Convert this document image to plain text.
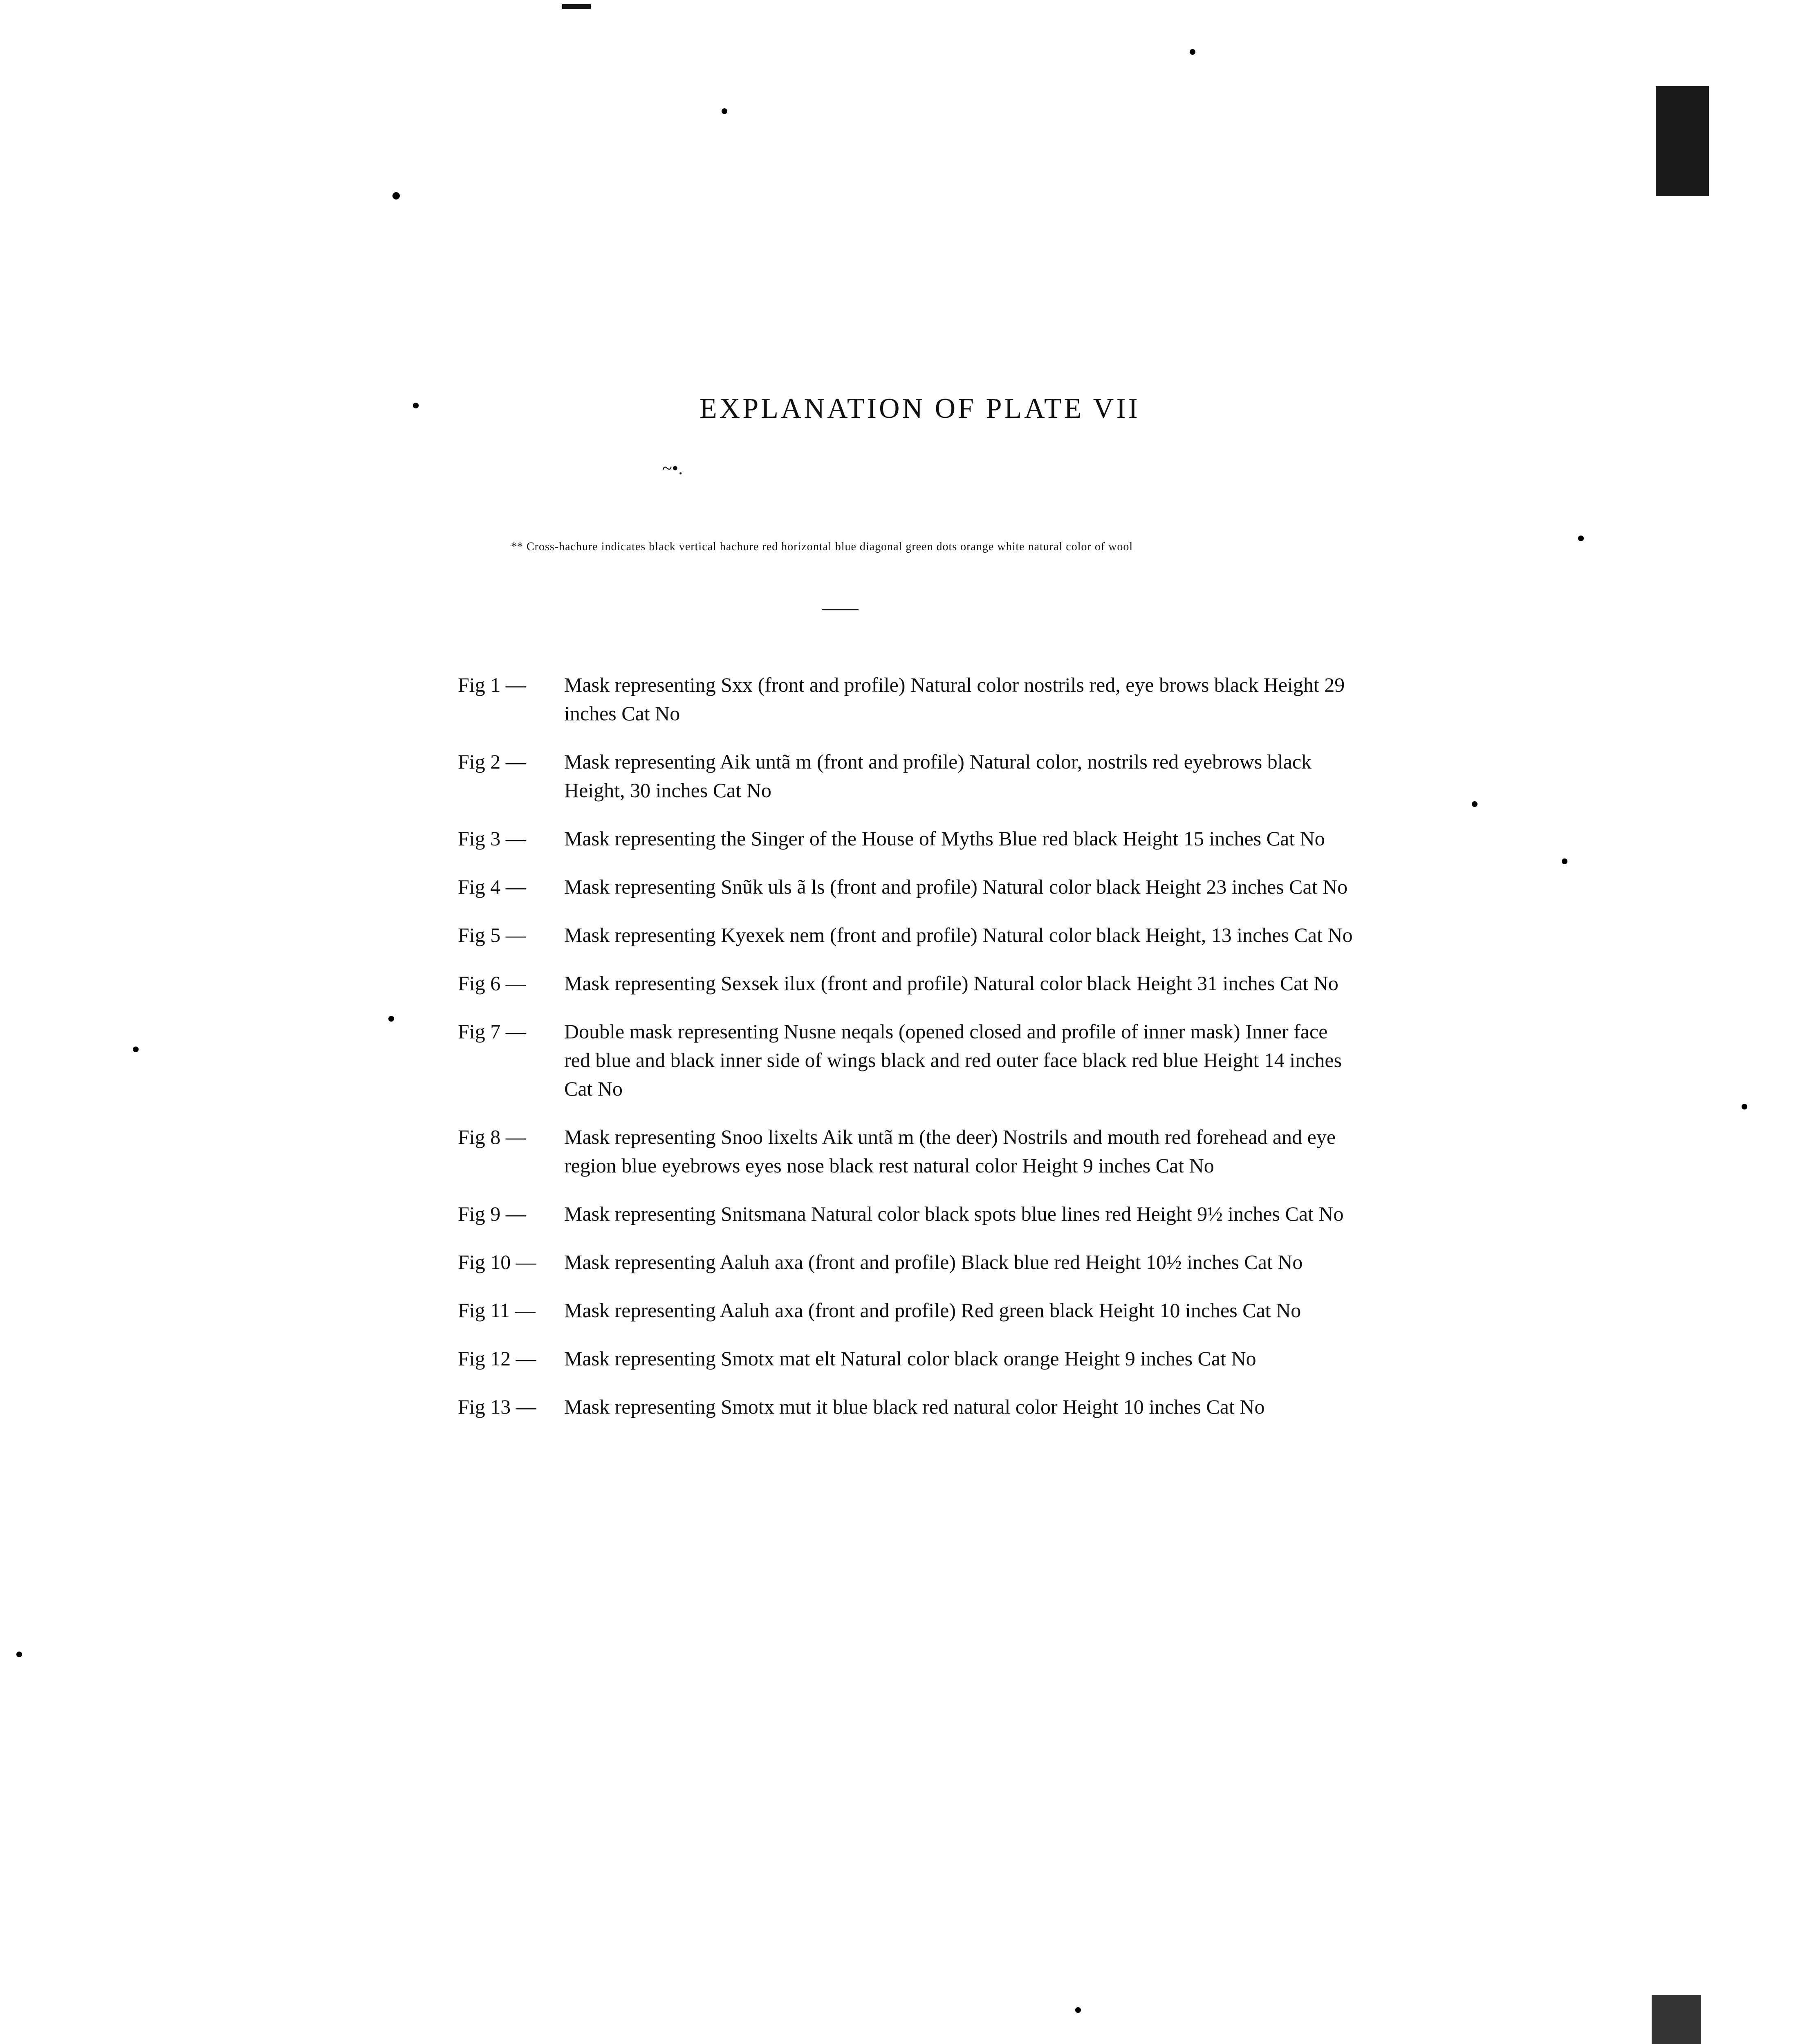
EXPLANATION OF PLATE VII
~•.
** Cross-hachure indicates black vertical hachure red horizontal blue diagonal green dots orange white natural color of wool
Fig 1 —	Mask representing Sxx (front and profile) Natural color nostrils red, eye brows black Height 29 inches Cat No
Fig 2 —	Mask representing Aik untã m (front and profile) Natural color, nostrils red eyebrows black Height, 30 inches Cat No
Fig 3 —	Mask representing the Singer of the House of Myths Blue red black Height 15 inches Cat No
Fig 4 —	Mask representing Snũk uls ã ls (front and profile) Natural color black Height 23 inches Cat No
Fig 5 —	Mask representing Kyexek nem (front and profile) Natural color black Height, 13 inches Cat No
Fig 6 —	Mask representing Sexsek ilux (front and profile) Natural color black Height 31 inches Cat No
Fig 7 —	Double mask representing Nusne neqals (opened closed and profile of inner mask) Inner face red blue and black inner side of wings black and red outer face black red blue Height 14 inches Cat No
Fig 8 —	Mask representing Snoo lixelts Aik untã m (the deer) Nostrils and mouth red forehead and eye region blue eyebrows eyes nose black rest natural color Height 9 inches Cat No
Fig 9 —	Mask representing Snitsmana Natural color black spots blue lines red Height 9½ inches Cat No
Fig 10 —	Mask representing Aaluh axa (front and profile) Black blue red Height 10½ inches Cat No
Fig 11 —	Mask representing Aaluh axa (front and profile) Red green black Height 10 inches Cat No
Fig 12 —	Mask representing Smotx mat elt Natural color black orange Height 9 inches Cat No
Fig 13 —	Mask representing Smotx mut it blue black red natural color Height 10 inches Cat No
